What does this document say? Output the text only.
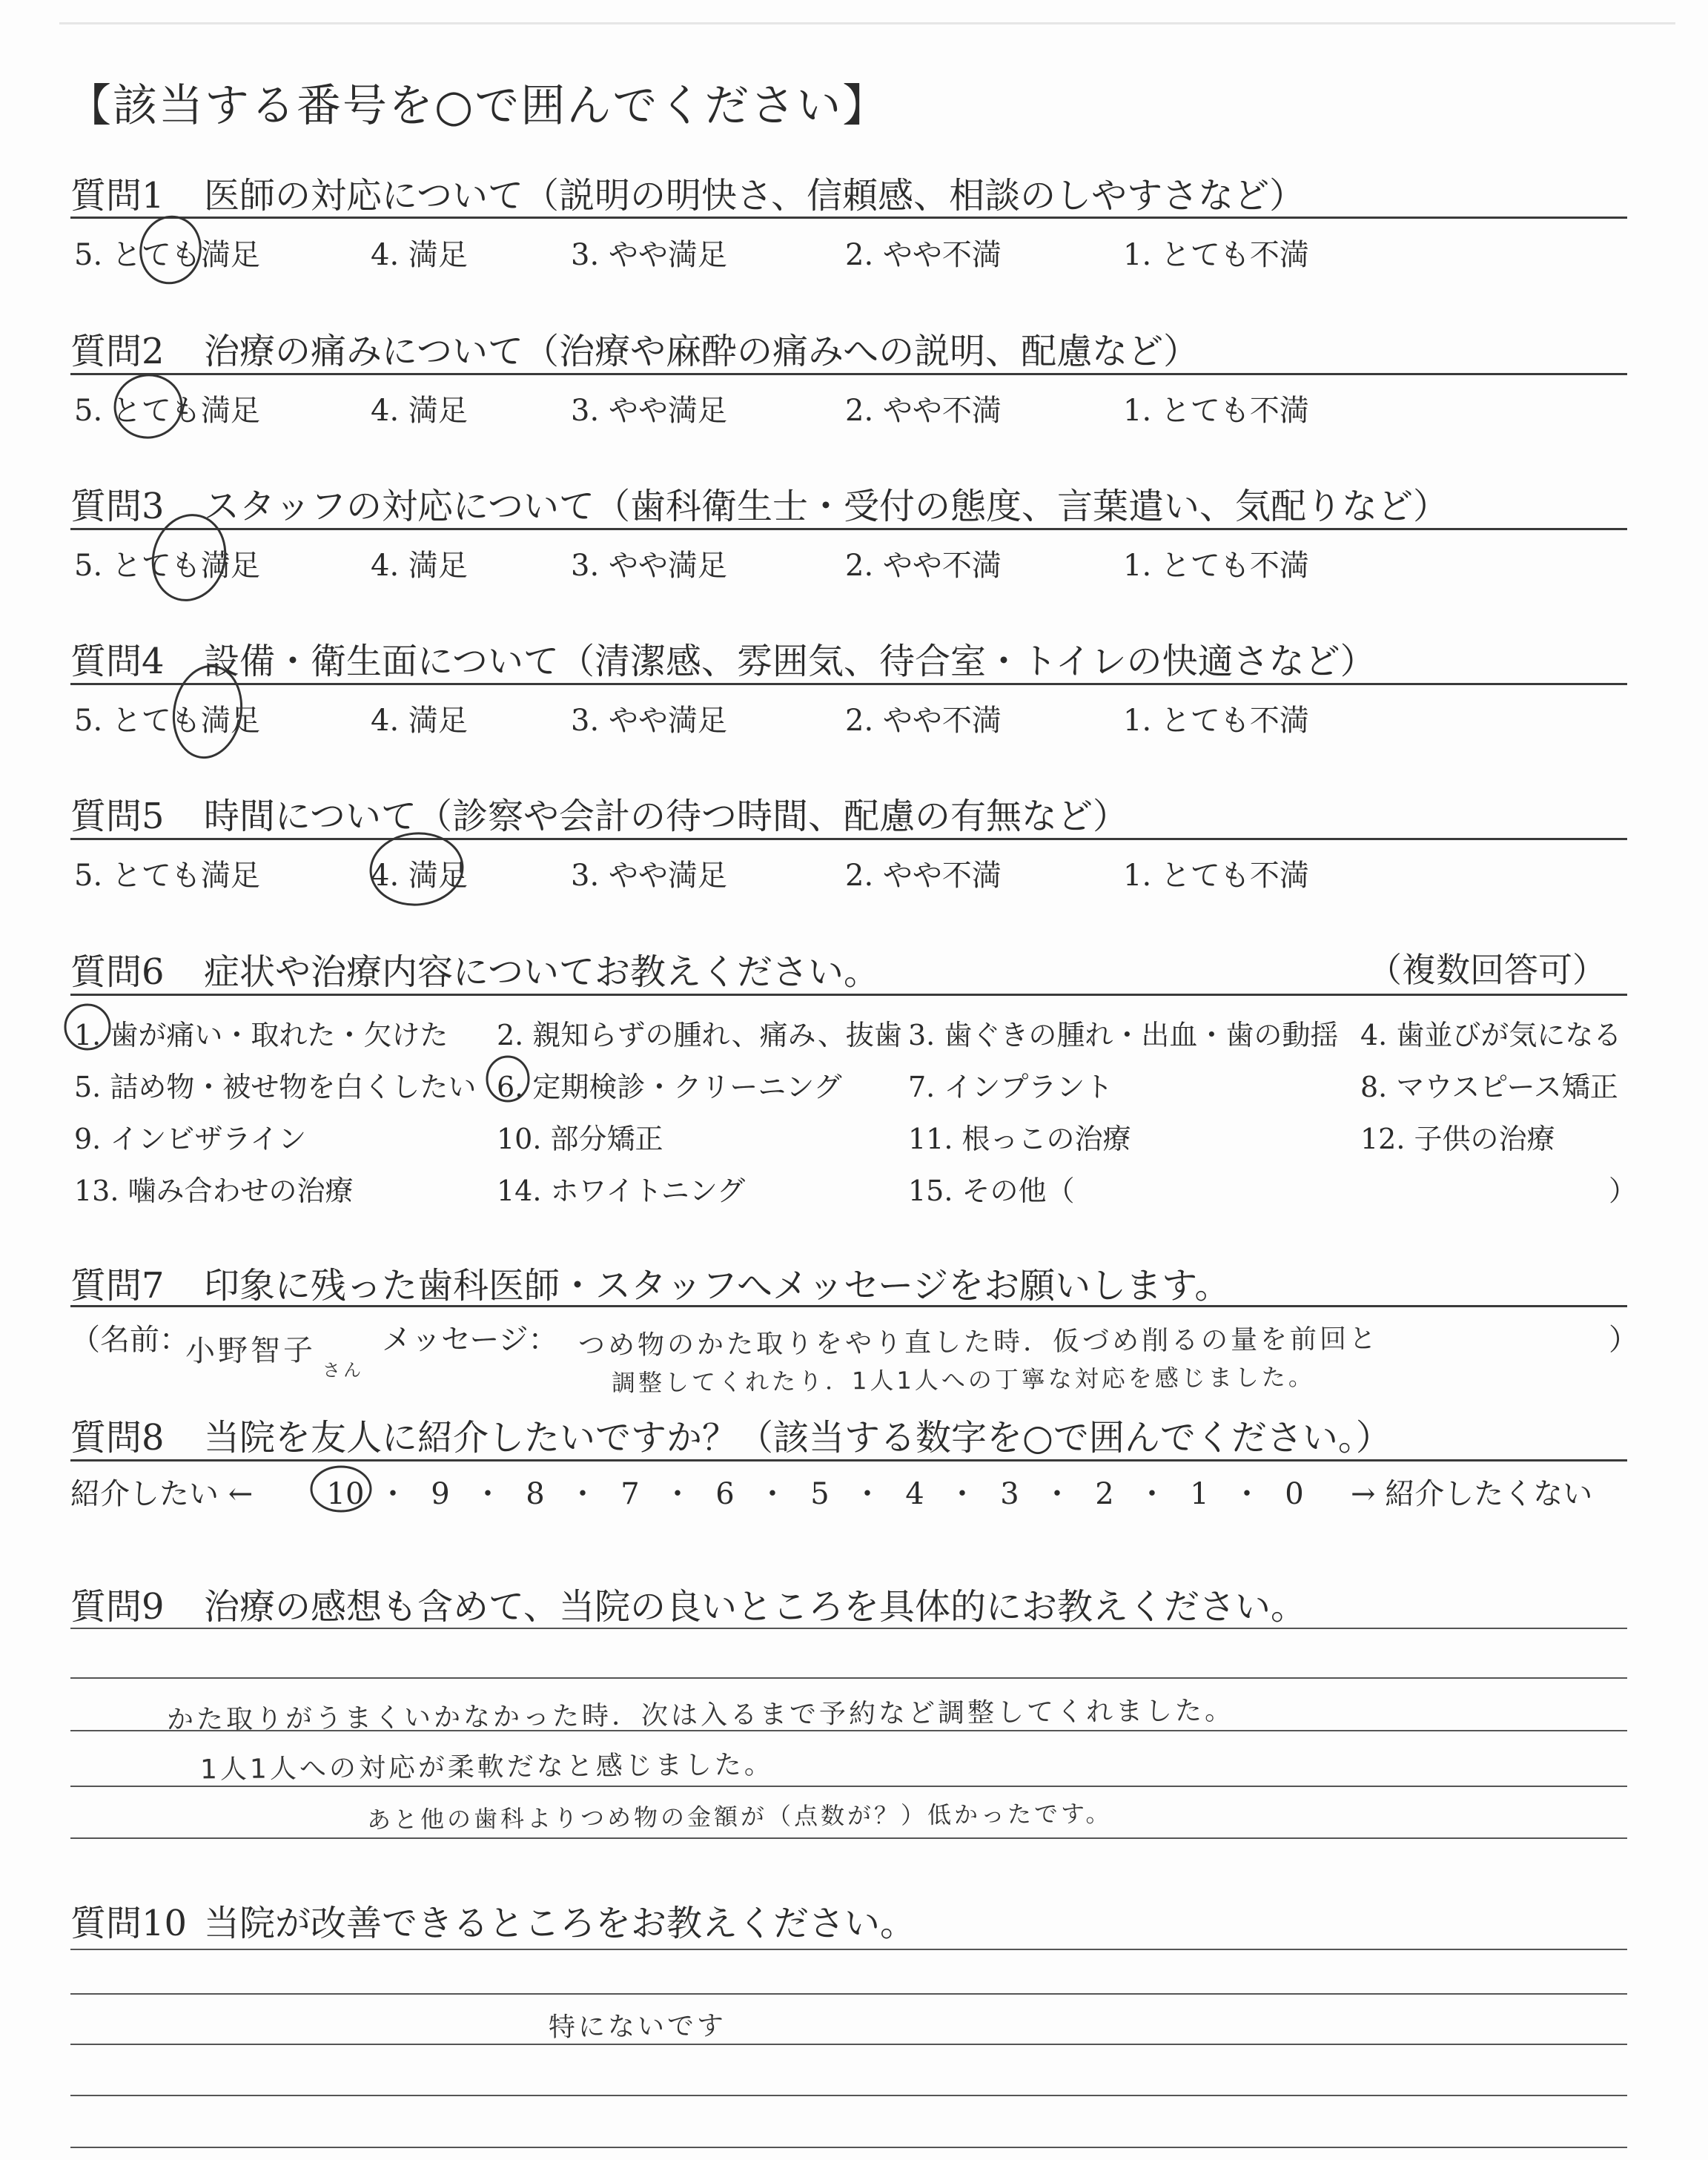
【該当する番号を○で囲んでください】
質問1 医師の対応について（説明の明快さ、信頼感、相談のしやすさなど）
5. とても満足	4. 満足	3. やや満足	2. やや不満	1. とても不満
質問2 治療の痛みについて（治療や麻酔の痛みへの説明、配慮など）
5. とても満足	4. 満足	3. やや満足	2. やや不満	1. とても不満
質問3 スタッフの対応について（歯科衛生士・受付の態度、言葉遣い、気配りなど）
5. とても満足	4. 満足	3. やや満足	2. やや不満	1. とても不満
質問4 設備・衛生面について（清潔感、雰囲気、待合室・トイレの快適さなど）
5. とても満足	4. 満足	3. やや満足	2. やや不満	1. とても不満
質問5 時間について（診察や会計の待つ時間、配慮の有無など）
5. とても満足	4. 満足	3. やや満足	2. やや不満	1. とても不満
質問6 症状や治療内容についてお教えください。	（複数回答可）
1. 歯が痛い・取れた・欠けた 2. 親知らずの腫れ、痛み、抜歯 3. 歯ぐきの腫れ・出血・歯の動揺 4. 歯並びが気になる
5. 詰め物・被せ物を白くしたい 6. 定期検診・クリーニング 7. インプラント	8. マウスピース矯正
9. インビザライン	10. 部分矯正	11. 根っこの治療	12. 子供の治療
13. 噛み合わせの治療	14. ホワイトニング	15. その他（	）
質問7 印象に残った歯科医師・スタッフへメッセージをお願いします。
（名前：
小野智子
さん
メッセージ： つめ物のかた取りをやり直した時．仮づめ削るの量を前回と
調整してくれたり．1人1人への丁寧な対応を感じました。
）
質問8 当院を友人に紹介したいですか？（該当する数字を○で囲んでください。）
紹介したい ← 10 ・ 9 ・ 8 ・ 7 ・ 6 ・ 5 ・ 4 ・ 3 ・ 2 ・ 1 ・ 0 → 紹介したくない
質問9 治療の感想も含めて、当院の良いところを具体的にお教えください。
かた取りがうまくいかなかった時．次は入るまで予約など調整してくれました。
1人1人への対応が柔軟だなと感じました。
あと他の歯科よりつめ物の金額が（点数が？）低かったです。
質問10 当院が改善できるところをお教えください。
特にないです
